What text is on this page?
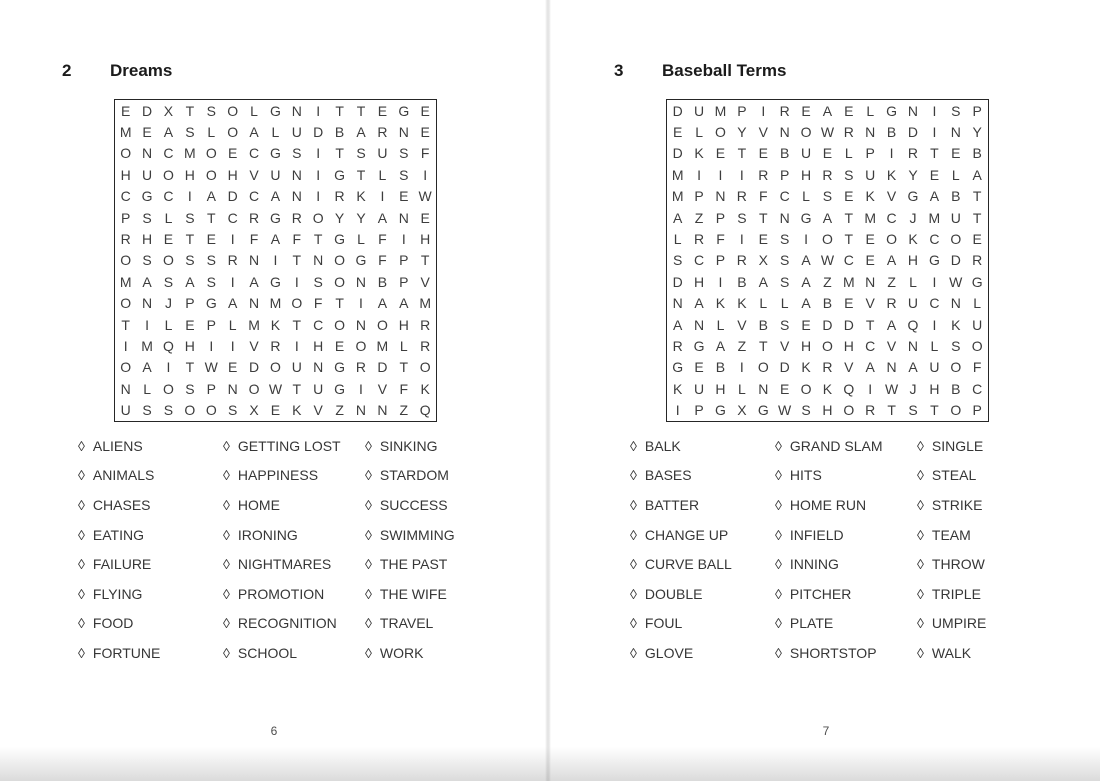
2 Dreams
E	D	X	T	S	O	L	G	N	I	T	T	E	G	E
M	E	A	S	L	O	A	L	U	D	B	A	R	N	E
O	N	C	M	O	E	C	G	S	I	T	S	U	S	F
H	U	O	H	O	H	V	U	N	I	G	T	L	S	I
C	G	C	I	A	D	C	A	N	I	R	K	I	E	W
P	S	L	S	T	C	R	G	R	O	Y	Y	A	N	E
R	H	E	T	E	I	F	A	F	T	G	L	F	I	H
O	S	O	S	S	R	N	I	T	N	O	G	F	P	T
M	A	S	A	S	I	A	G	I	S	O	N	B	P	V
O	N	J	P	G	A	N	M	O	F	T	I	A	A	M
T	I	L	E	P	L	M	K	T	C	O	N	O	H	R
I	M	Q	H	I	I	V	R	I	H	E	O	M	L	R
O	A	I	T	W	E	D	O	U	N	G	R	D	T	O
N	L	O	S	P	N	O	W	T	U	G	I	V	F	K
U	S	S	O	O	S	X	E	K	V	Z	N	N	Z	Q
◊ ALIENS
◊ ANIMALS
◊ CHASES
◊ EATING
◊ FAILURE
◊ FLYING
◊ FOOD
◊ FORTUNE
◊ GETTING LOST
◊ HAPPINESS
◊ HOME
◊ IRONING
◊ NIGHTMARES
◊ PROMOTION
◊ RECOGNITION
◊ SCHOOL
◊ SINKING
◊ STARDOM
◊ SUCCESS
◊ SWIMMING
◊ THE PAST
◊ THE WIFE
◊ TRAVEL
◊ WORK
6
3 Baseball Terms
D	U	M	P	I	R	E	A	E	L	G	N	I	S	P
E	L	O	Y	V	N	O	W	R	N	B	D	I	N	Y
D	K	E	T	E	B	U	E	L	P	I	R	T	E	B
M	I	I	I	R	P	H	R	S	U	K	Y	E	L	A
M	P	N	R	F	C	L	S	E	K	V	G	A	B	T
A	Z	P	S	T	N	G	A	T	M	C	J	M	U	T
L	R	F	I	E	S	I	O	T	E	O	K	C	O	E
S	C	P	R	X	S	A	W	C	E	A	H	G	D	R
D	H	I	B	A	S	A	Z	M	N	Z	L	I	W	G
N	A	K	K	L	L	A	B	E	V	R	U	C	N	L
A	N	L	V	B	S	E	D	D	T	A	Q	I	K	U
R	G	A	Z	T	V	H	O	H	C	V	N	L	S	O
G	E	B	I	O	D	K	R	V	A	N	A	U	O	F
K	U	H	L	N	E	O	K	Q	I	W	J	H	B	C
I	P	G	X	G	W	S	H	O	R	T	S	T	O	P
◊ BALK
◊ BASES
◊ BATTER
◊ CHANGE UP
◊ CURVE BALL
◊ DOUBLE
◊ FOUL
◊ GLOVE
◊ GRAND SLAM
◊ HITS
◊ HOME RUN
◊ INFIELD
◊ INNING
◊ PITCHER
◊ PLATE
◊ SHORTSTOP
◊ SINGLE
◊ STEAL
◊ STRIKE
◊ TEAM
◊ THROW
◊ TRIPLE
◊ UMPIRE
◊ WALK
7
